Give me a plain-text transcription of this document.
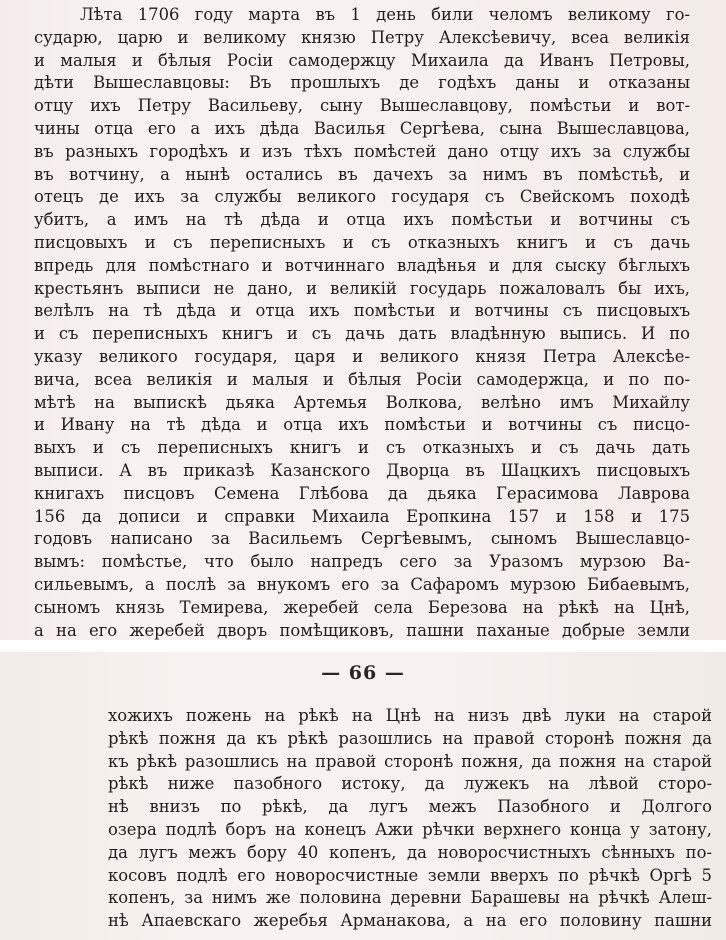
Лѣта 1706 году марта въ 1 день били челомъ великому го-
сударю, царю и великому князю Петру Алексѣевичу, всеа великія
и малыя и бѣлыя Росіи самодержцу Михаила да Иванъ Петровы,
дѣти Вышеславцовы: Въ прошлыхъ де годѣхъ даны и отказаны
отцу ихъ Петру Васильеву, сыну Вышеславцову, помѣстьи и вот-
чины отца его а ихъ дѣда Василья Сергѣева, сына Вышеславцова,
въ разныхъ городѣхъ и изъ тѣхъ помѣстей дано отцу ихъ за службы
въ вотчину, а нынѣ остались въ дачехъ за нимъ въ помѣстьѣ, и
отецъ де ихъ за службы великого государя съ Свейскомъ походѣ
убитъ, а имъ на тѣ дѣда и отца ихъ помѣстьи и вотчины съ
писцовыхъ и съ переписныхъ и съ отказныхъ книгъ и съ дачь
впредь для помѣстнаго и вотчиннаго владѣнья и для сыску бѣглыхъ
крестьянъ выписи не дано, и великій государь пожаловалъ бы ихъ,
велѣлъ на тѣ дѣда и отца ихъ помѣстьи и вотчины съ писцовыхъ
и съ переписныхъ книгъ и съ дачь дать владѣнную выпись. И по
указу великого государя, царя и великого князя Петра Алексѣе-
вича, всеа великія и малыя и бѣлыя Росіи самодержца, и по по-
мѣтѣ на выпискѣ дьяка Артемья Волкова, велѣно имъ Михайлу
и Ивану на тѣ дѣда и отца ихъ помѣстьи и вотчины съ писцо-
выхъ и съ переписныхъ книгъ и съ отказныхъ и съ дачь дать
выписи. А въ приказѣ Казанского Дворца въ Шацкихъ писцовыхъ
книгахъ писцовъ Семена Глѣбова да дьяка Герасимова Лаврова
156 да дописи и справки Михаила Еропкина 157 и 158 и 175
годовъ написано за Васильемъ Сергѣевымъ, сыномъ Вышеславцо-
вымъ: помѣстье, что было напредъ сего за Уразомъ мурзою Ва-
сильевымъ, а послѣ за внукомъ его за Сафаромъ мурзою Бибаевымъ,
сыномъ князь Темирева, жеребей села Березова на рѣкѣ на Цнѣ,
а на его жеребей дворъ помѣщиковъ, пашни паханые добрые земли
— 66 —
хожихъ пожень на рѣкѣ на Цнѣ на низъ двѣ луки на старой
рѣкѣ пожня да къ рѣкѣ разошлись на правой сторонѣ пожня да
къ рѣкѣ разошлись на правой сторонѣ пожня, да пожня на старой
рѣкѣ ниже пазобного истоку, да лужекъ на лѣвой сторо-
нѣ внизъ по рѣкѣ, да лугъ межъ Пазобного и Долгого
озера подлѣ боръ на конецъ Ажи рѣчки верхнего конца у затону,
да лугъ межъ бору 40 копенъ, да новоросчистныхъ сѣнныхъ по-
косовъ подлѣ его новоросчистные земли вверхъ по рѣчкѣ Оргѣ 5
копенъ, за нимъ же половина деревни Барашевы на рѣчкѣ Алеш-
нѣ Апаевскаго жеребья Арманакова, а на его половину пашни
